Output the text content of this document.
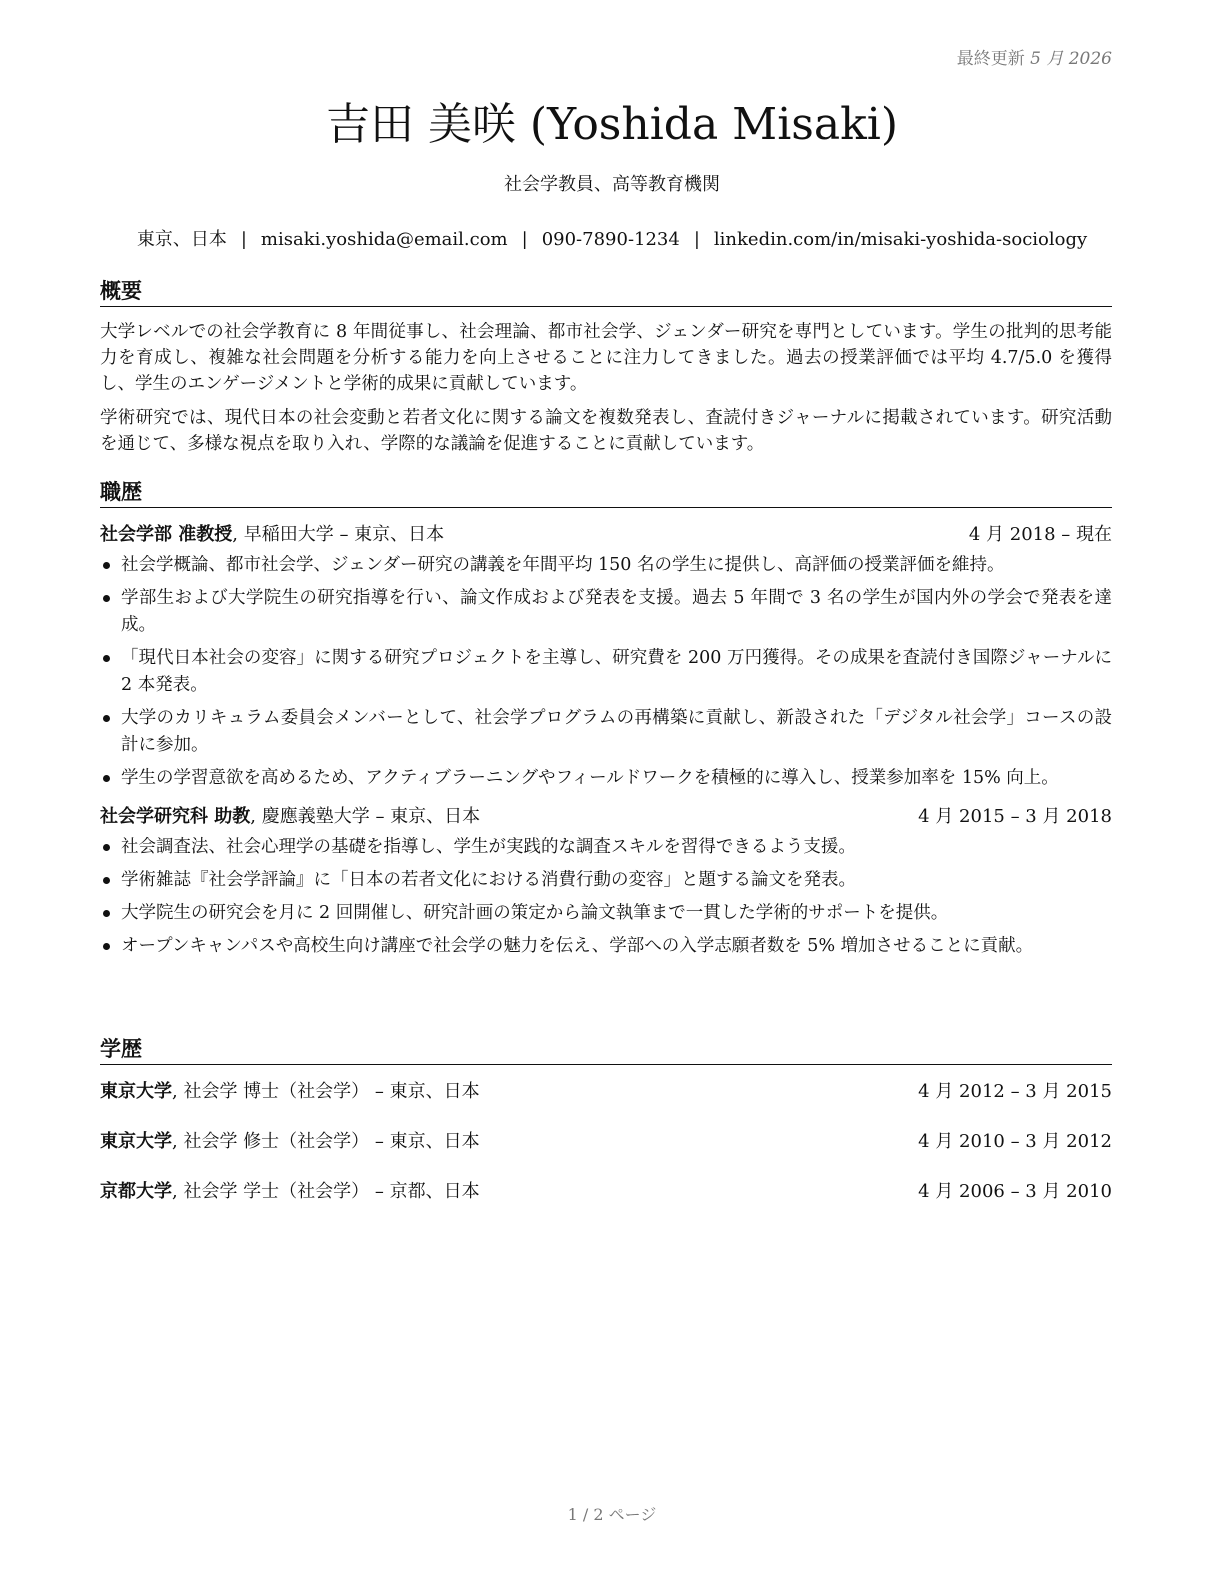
最終更新 5 月 2026
吉田 美咲 (Yoshida Misaki)
社会学教員、高等教育機関
東京、日本 | misaki.yoshida@email.com | 090-7890-1234 | linkedin.com/in/misaki-yoshida-sociology
概要

大学レベルでの社会学教育に 8 年間従事し、社会理論、都市社会学、ジェンダー研究を専門としています。学生の批判的思考能力を育成し、複雑な社会問題を分析する能力を向上させることに注力してきました。過去の授業評価では平均 4.7/5.0 を獲得し、学生のエンゲージメントと学術的成果に貢献しています。

学術研究では、現代日本の社会変動と若者文化に関する論文を複数発表し、査読付きジャーナルに掲載されています。研究活動を通じて、多様な視点を取り入れ、学際的な議論を促進することに貢献しています。

職歴
社会学部 准教授, 早稲田大学 – 東京、日本	4 月 2018 – 現在
社会学概論、都市社会学、ジェンダー研究の講義を年間平均 150 名の学生に提供し、高評価の授業評価を維持。
学部生および大学院生の研究指導を行い、論文作成および発表を支援。過去 5 年間で 3 名の学生が国内外の学会で発表を達成。
「現代日本社会の変容」に関する研究プロジェクトを主導し、研究費を 200 万円獲得。その成果を査読付き国際ジャーナルに 2 本発表。
大学のカリキュラム委員会メンバーとして、社会学プログラムの再構築に貢献し、新設された「デジタル社会学」コースの設計に参加。
学生の学習意欲を高めるため、アクティブラーニングやフィールドワークを積極的に導入し、授業参加率を 15% 向上。
社会学研究科 助教, 慶應義塾大学 – 東京、日本	4 月 2015 – 3 月 2018
社会調査法、社会心理学の基礎を指導し、学生が実践的な調査スキルを習得できるよう支援。
学術雑誌『社会学評論』に「日本の若者文化における消費行動の変容」と題する論文を発表。
大学院生の研究会を月に 2 回開催し、研究計画の策定から論文執筆まで一貫した学術的サポートを提供。
オープンキャンパスや高校生向け講座で社会学の魅力を伝え、学部への入学志願者数を 5% 増加させることに貢献。
学歴
東京大学, 社会学 博士（社会学） – 東京、日本	4 月 2012 – 3 月 2015
東京大学, 社会学 修士（社会学） – 東京、日本	4 月 2010 – 3 月 2012
京都大学, 社会学 学士（社会学） – 京都、日本	4 月 2006 – 3 月 2010
1 / 2 ページ
